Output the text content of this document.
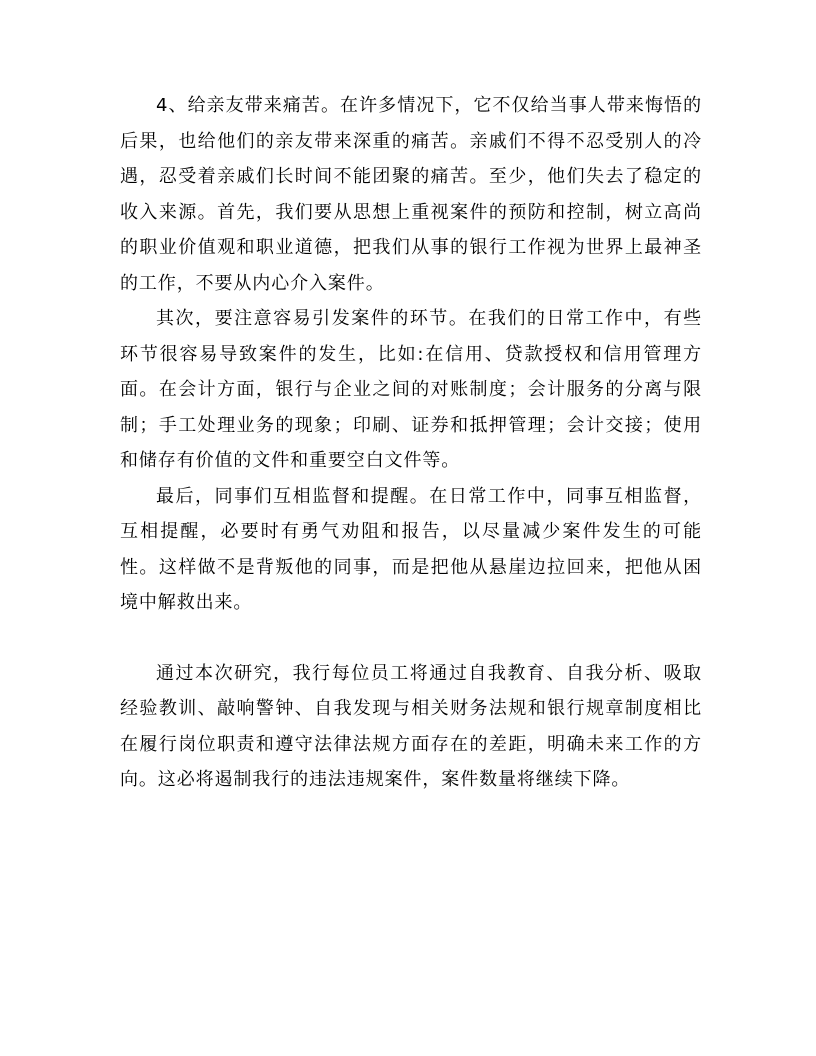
4、给亲友带来痛苦。在许多情况下，它不仅给当事人带来悔悟的后果，也给他们的亲友带来深重的痛苦。亲戚们不得不忍受别人的冷遇，忍受着亲戚们长时间不能团聚的痛苦。至少，他们失去了稳定的收入来源。首先，我们要从思想上重视案件的预防和控制，树立高尚的职业价值观和职业道德，把我们从事的银行工作视为世界上最神圣的工作，不要从内心介入案件。

其次，要注意容易引发案件的环节。在我们的日常工作中，有些环节很容易导致案件的发生，比如:在信用、贷款授权和信用管理方面。在会计方面，银行与企业之间的对账制度；会计服务的分离与限制；手工处理业务的现象；印刷、证券和抵押管理；会计交接；使用和储存有价值的文件和重要空白文件等。

最后，同事们互相监督和提醒。在日常工作中，同事互相监督，互相提醒，必要时有勇气劝阻和报告，以尽量减少案件发生的可能性。这样做不是背叛他的同事，而是把他从悬崖边拉回来，把他从困境中解救出来。

通过本次研究，我行每位员工将通过自我教育、自我分析、吸取经验教训、敲响警钟、自我发现与相关财务法规和银行规章制度相比在履行岗位职责和遵守法律法规方面存在的差距，明确未来工作的方向。这必将遏制我行的违法违规案件，案件数量将继续下降。
